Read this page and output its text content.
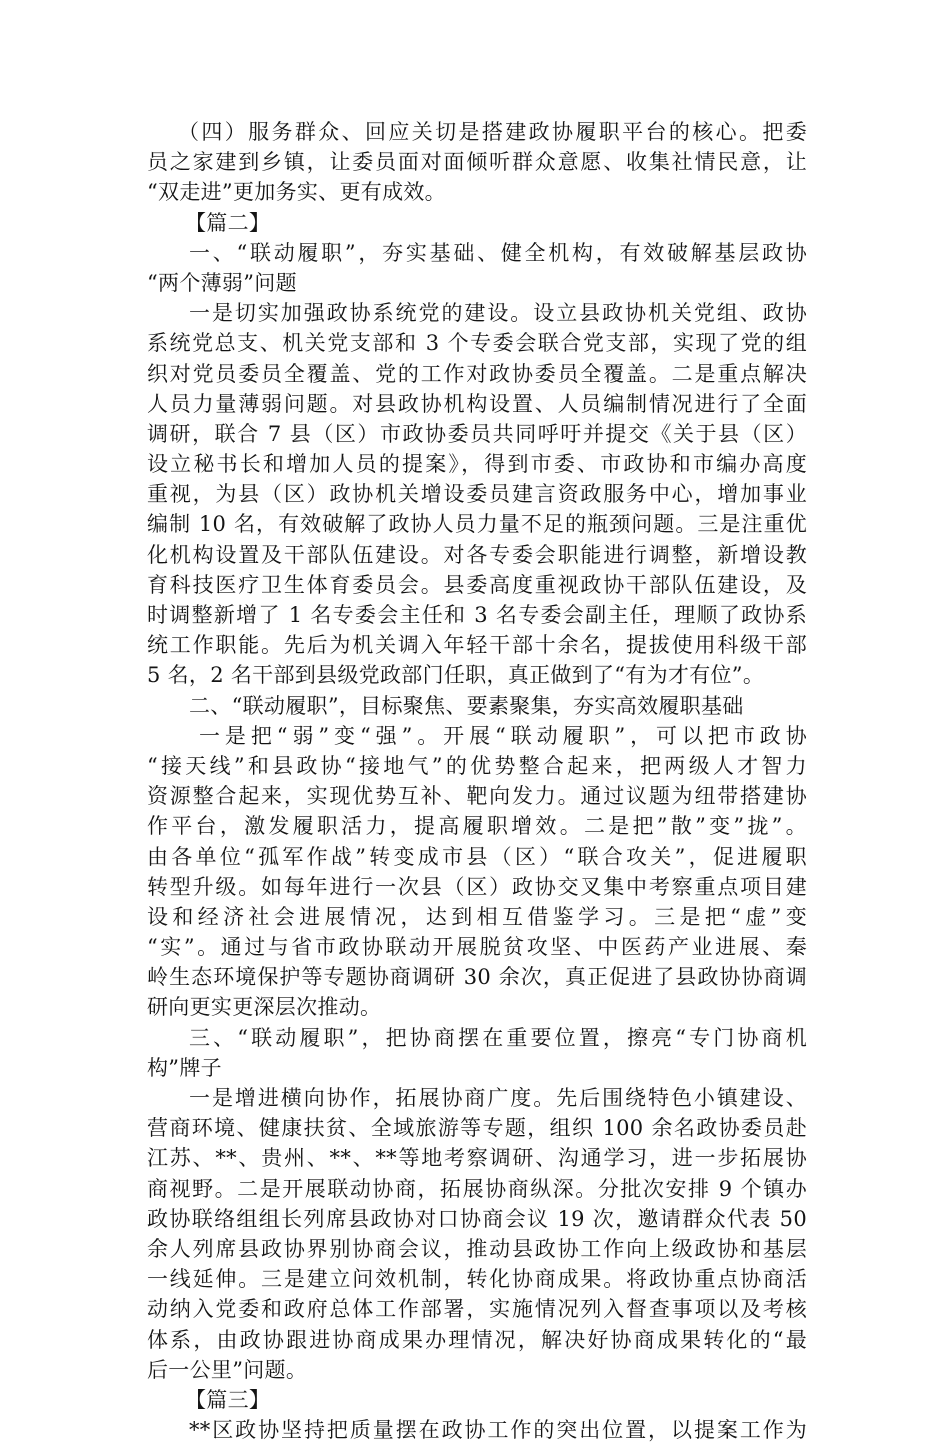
（四）服务群众、回应关切是搭建政协履职平台的核心。把委
员之家建到乡镇，让委员面对面倾听群众意愿、收集社情民意，让
“双走进”更加务实、更有成效。
【篇二】
一、“联动履职”，夯实基础、健全机构，有效破解基层政协
“两个薄弱”问题
一是切实加强政协系统党的建设。设立县政协机关党组、政协
系统党总支、机关党支部和 3 个专委会联合党支部，实现了党的组
织对党员委员全覆盖、党的工作对政协委员全覆盖。二是重点解决
人员力量薄弱问题。对县政协机构设置、人员编制情况进行了全面
调研，联合 7 县（区）市政协委员共同呼吁并提交《关于县（区）
设立秘书长和增加人员的提案》，得到市委、市政协和市编办高度
重视，为县（区）政协机关增设委员建言资政服务中心，增加事业
编制 10 名，有效破解了政协人员力量不足的瓶颈问题。三是注重优
化机构设置及干部队伍建设。对各专委会职能进行调整，新增设教
育科技医疗卫生体育委员会。县委高度重视政协干部队伍建设，及
时调整新增了 1 名专委会主任和 3 名专委会副主任，理顺了政协系
统工作职能。先后为机关调入年轻干部十余名，提拔使用科级干部
5 名，2 名干部到县级党政部门任职，真正做到了“有为才有位”。
二、“联动履职”，目标聚焦、要素聚集，夯实高效履职基础
一是把“弱”变“强”。开展“联动履职”，可以把市政协
“接天线”和县政协“接地气”的优势整合起来，把两级人才智力
资源整合起来，实现优势互补、靶向发力。通过议题为纽带搭建协
作平台，激发履职活力，提高履职增效。二是把”散”变”拢”。
由各单位“孤军作战”转变成市县（区）“联合攻关”，促进履职
转型升级。如每年进行一次县（区）政协交叉集中考察重点项目建
设和经济社会进展情况，达到相互借鉴学习。三是把“虚”变
“实”。通过与省市政协联动开展脱贫攻坚、中医药产业进展、秦
岭生态环境保护等专题协商调研 30 余次，真正促进了县政协协商调
研向更实更深层次推动。
三、“联动履职”，把协商摆在重要位置，擦亮“专门协商机
构”牌子
一是增进横向协作，拓展协商广度。先后围绕特色小镇建设、
营商环境、健康扶贫、全域旅游等专题，组织 100 余名政协委员赴
江苏、**、贵州、**、**等地考察调研、沟通学习，进一步拓展协
商视野。二是开展联动协商，拓展协商纵深。分批次安排 9 个镇办
政协联络组组长列席县政协对口协商会议 19 次，邀请群众代表 50
余人列席县政协界别协商会议，推动县政协工作向上级政协和基层
一线延伸。三是建立问效机制，转化协商成果。将政协重点协商活
动纳入党委和政府总体工作部署，实施情况列入督查事项以及考核
体系，由政协跟进协商成果办理情况，解决好协商成果转化的“最
后一公里”问题。
【篇三】
**区政协坚持把质量摆在政协工作的突出位置，以提案工作为
